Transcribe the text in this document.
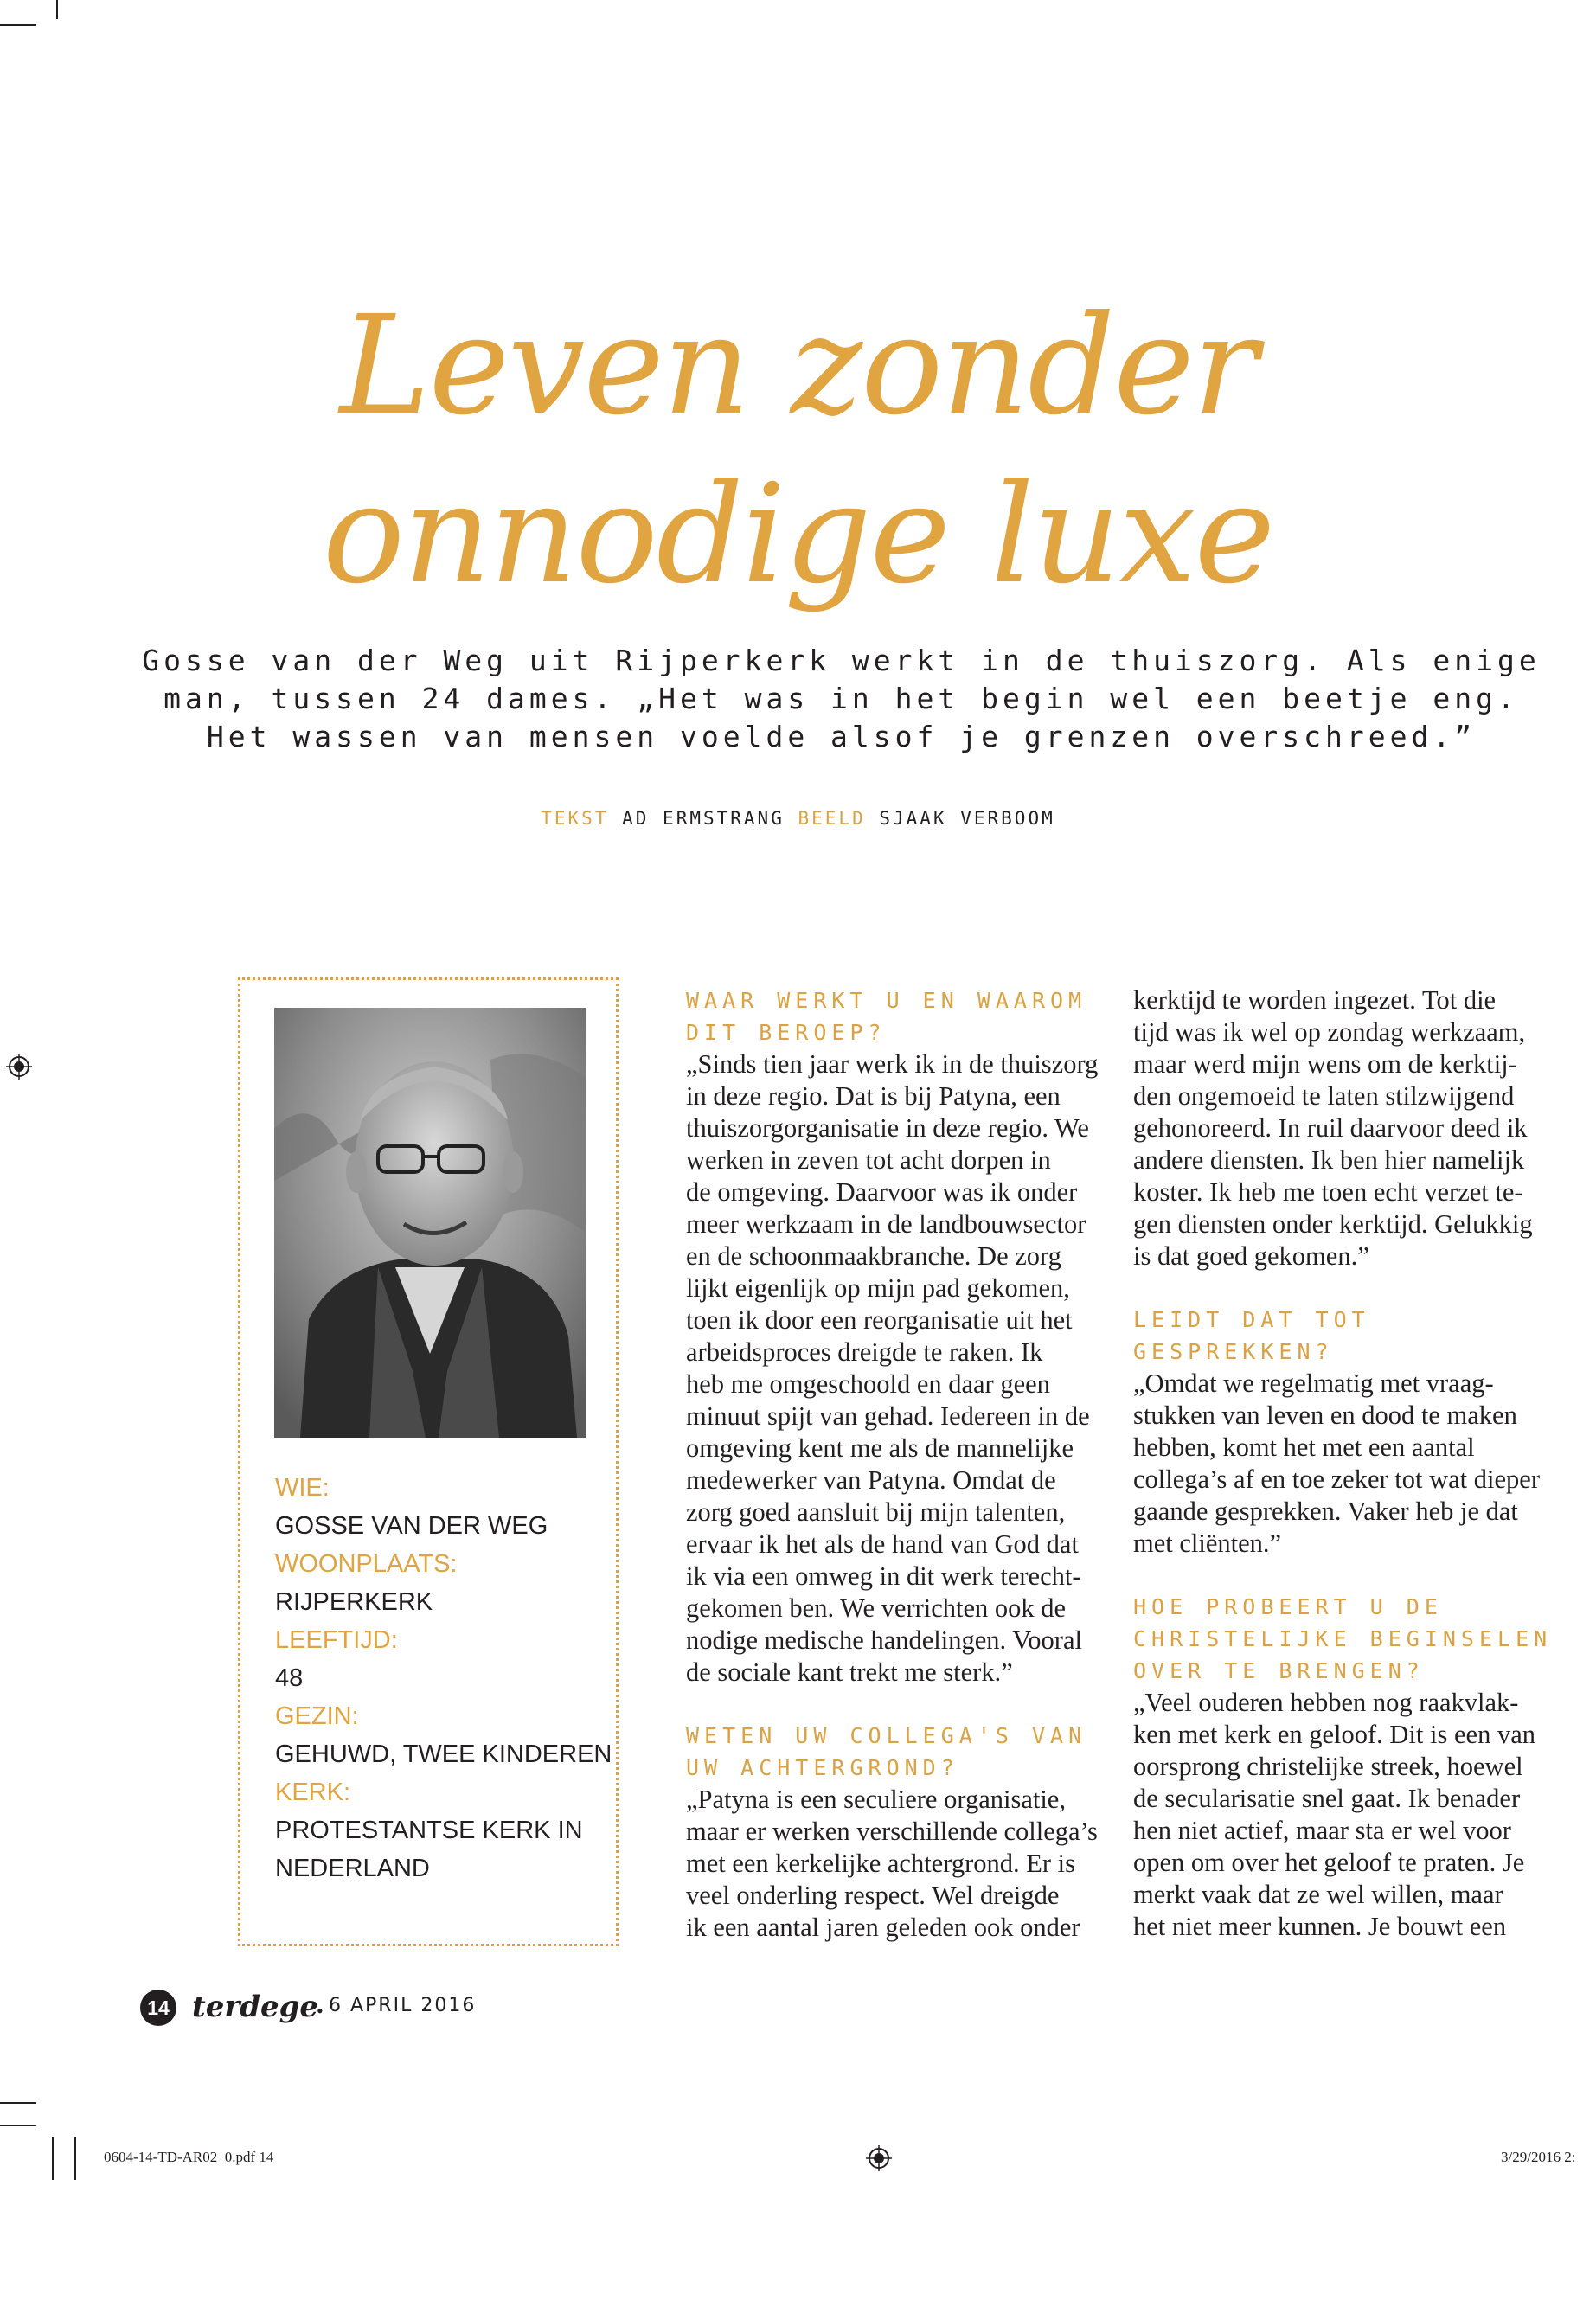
Leven zonder
onnodige luxe
Gosse van der Weg uit Rijperkerk werkt in de thuiszorg. Als enige
man, tussen 24 dames. „Het was in het begin wel een beetje eng.
Het wassen van mensen voelde alsof je grenzen overschreed.”
TEKST AD ERMSTRANG BEELD SJAAK VERBOOM
WIE:
GOSSE VAN DER WEG
WOONPLAATS:
RIJPERKERK
LEEFTIJD:
48
GEZIN:
GEHUWD, TWEE KINDEREN
KERK:
PROTESTANTSE KERK IN
NEDERLAND

WAAR WERKT U EN WAAROM

DIT BEROEP?

„Sinds tien jaar werk ik in de thuiszorg
in deze regio. Dat is bij Patyna, een
thuiszorgorganisatie in deze regio. We
werken in zeven tot acht dorpen in
de omgeving. Daarvoor was ik onder
meer werkzaam in de landbouwsector
en de schoonmaakbranche. De zorg
lijkt eigenlijk op mijn pad gekomen,
toen ik door een reorganisatie uit het
arbeidsproces dreigde te raken. Ik
heb me omgeschoold en daar geen
minuut spijt van gehad. Iedereen in de
omgeving kent me als de mannelijke
medewerker van Patyna. Omdat de
zorg goed aansluit bij mijn talenten,
ervaar ik het als de hand van God dat
ik via een omweg in dit werk terecht-
gekomen ben. We verrichten ook de
nodige medische handelingen. Vooral
de sociale kant trekt me sterk.”

WETEN UW COLLEGA'S VAN

UW ACHTERGROND?

„Patyna is een seculiere organisatie,
maar er werken verschillende collega’s
met een kerkelijke achtergrond. Er is
veel onderling respect. Wel dreigde
ik een aantal jaren geleden ook onder
kerktijd te worden ingezet. Tot die
tijd was ik wel op zondag werkzaam,
maar werd mijn wens om de kerktij-
den ongemoeid te laten stilzwijgend
gehonoreerd. In ruil daarvoor deed ik
andere diensten. Ik ben hier namelijk
koster. Ik heb me toen echt verzet te-
gen diensten onder kerktijd. Gelukkig
is dat goed gekomen.”

LEIDT DAT TOT

GESPREKKEN?

„Omdat we regelmatig met vraag-
stukken van leven en dood te maken
hebben, komt het met een aantal
collega’s af en toe zeker tot wat dieper
gaande gesprekken. Vaker heb je dat
met cliënten.”

HOE PROBEERT U DE

CHRISTELIJKE BEGINSELEN

OVER TE BRENGEN?

„Veel ouderen hebben nog raakvlak-
ken met kerk en geloof. Dit is een van
oorsprong christelijke streek, hoewel
de secularisatie snel gaat. Ik benader
hen niet actief, maar sta er wel voor
open om over het geloof te praten. Je
merkt vaak dat ze wel willen, maar
het niet meer kunnen. Je bouwt een
14 terdege
• 6 APRIL 2016
0604-14-TD-AR02_0.pdf 14	3/29/2016 2:
